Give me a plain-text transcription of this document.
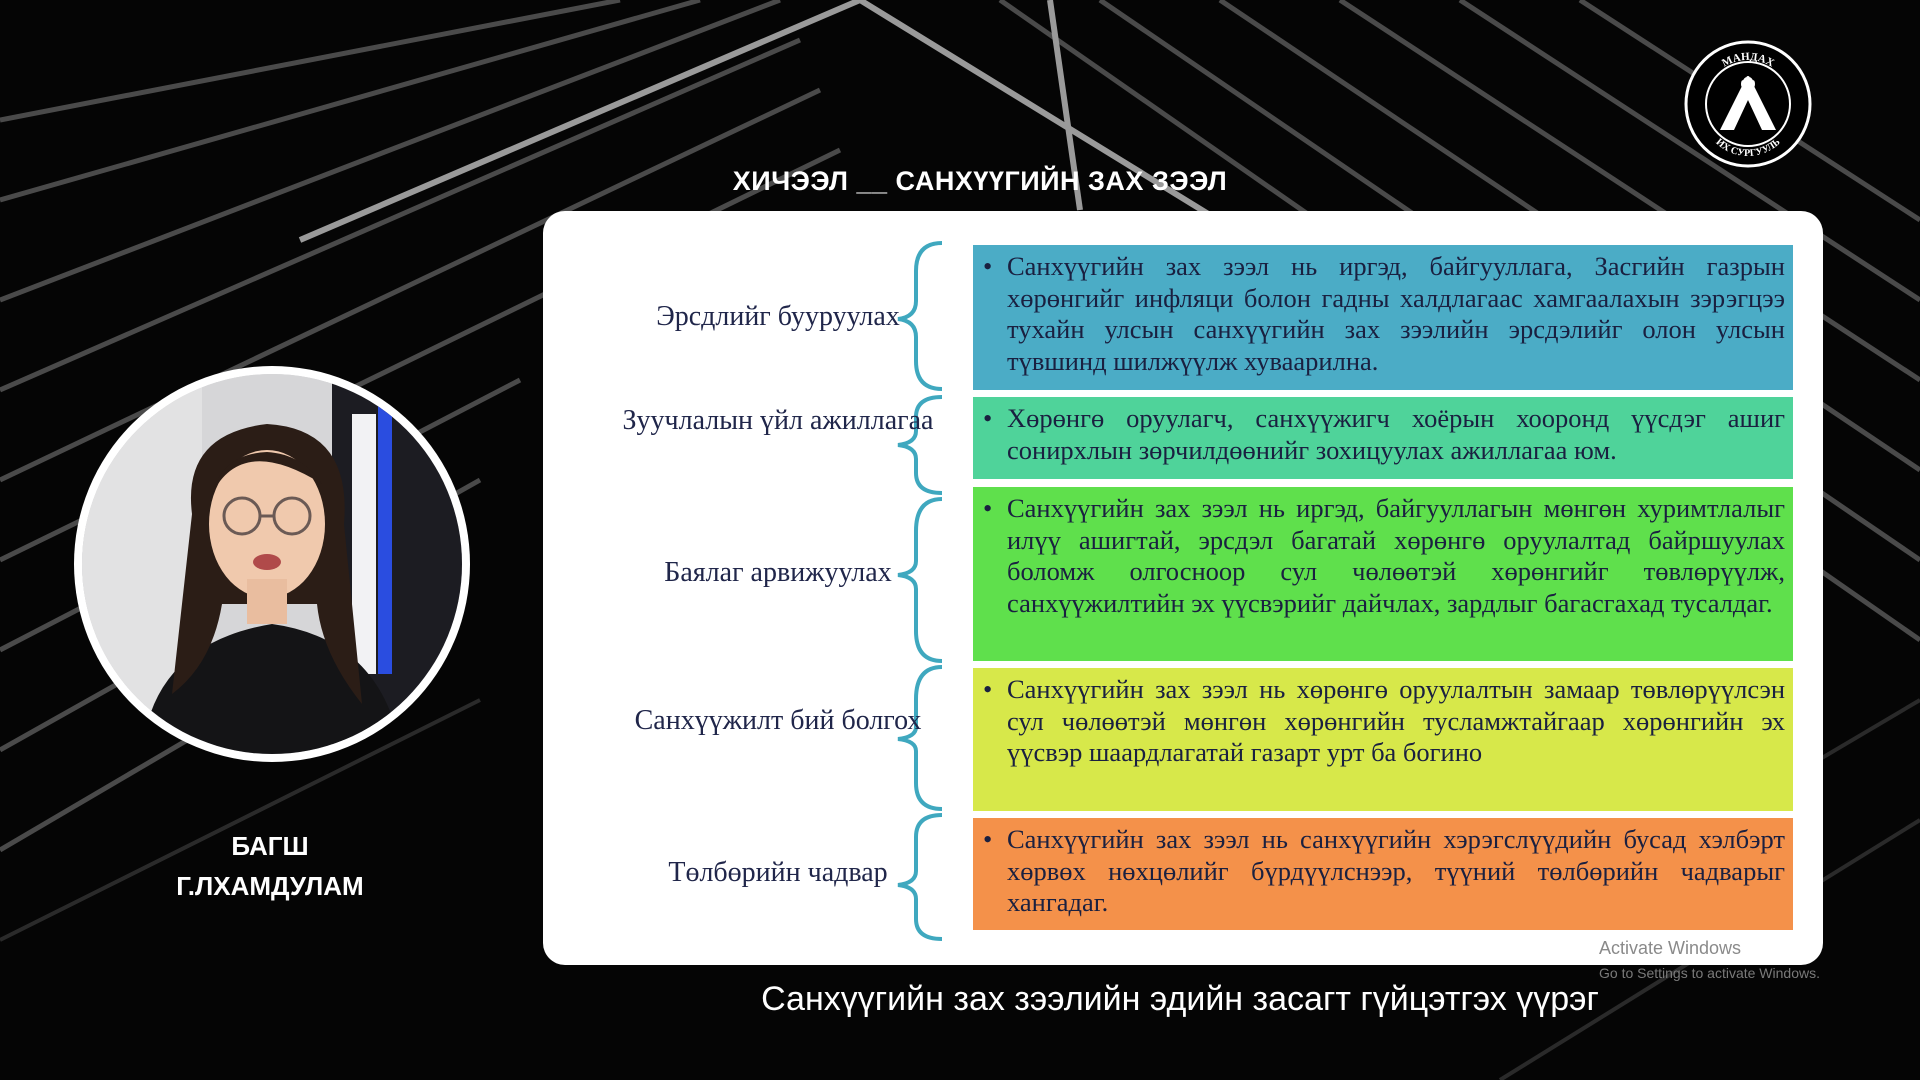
ХИЧЭЭЛ __ САНХҮҮГИЙН ЗАХ ЗЭЭЛ
МАНДАХ
ИХ СУРГУУЛЬ
1992
БАГШ
Г.ЛХАМДУЛАМ
Эрсдлийг бууруулах
Зуучлалын үйл ажиллагаа
Баялаг арвижуулах
Санхүүжилт бий болгох
Төлбөрийн чадвар
• Санхүүгийн зах зээл нь иргэд, байгууллага, Засгийн газрын хөрөнгийг инфляци болон гадны халдлагаас хамгаалахын зэрэгцээ тухайн улсын санхүүгийн зах зээлийн эрсдэлийг олон улсын түвшинд шилжүүлж хуваарилна.
• Хөрөнгө оруулагч, санхүүжигч хоёрын хооронд үүсдэг ашиг сонирхлын зөрчилдөөнийг зохицуулах ажиллагаа юм.
• Санхүүгийн зах зээл нь иргэд, байгууллагын мөнгөн хуримтлалыг илүү ашигтай, эрсдэл багатай хөрөнгө оруулалтад байршуулах боломж олгосноор сул чөлөөтэй хөрөнгийг төвлөрүүлж, санхүүжилтийн эх үүсвэрийг дайчлах, зардлыг багасгахад тусалдаг.
• Санхүүгийн зах зээл нь хөрөнгө оруулалтын замаар төвлөрүүлсэн сул чөлөөтэй мөнгөн хөрөнгийн тусламжтайгаар хөрөнгийн эх үүсвэр шаардлагатай газарт урт ба богино
• Санхүүгийн зах зээл нь санхүүгийн хэрэгслүүдийн бусад хэлбэрт хөрвөх нөхцөлийг бүрдүүлснээр, түүний төлбөрийн чадварыг хангадаг.
Activate Windows
Go to Settings to activate Windows.
Санхүүгийн зах зээлийн эдийн засагт гүйцэтгэх үүрэг
